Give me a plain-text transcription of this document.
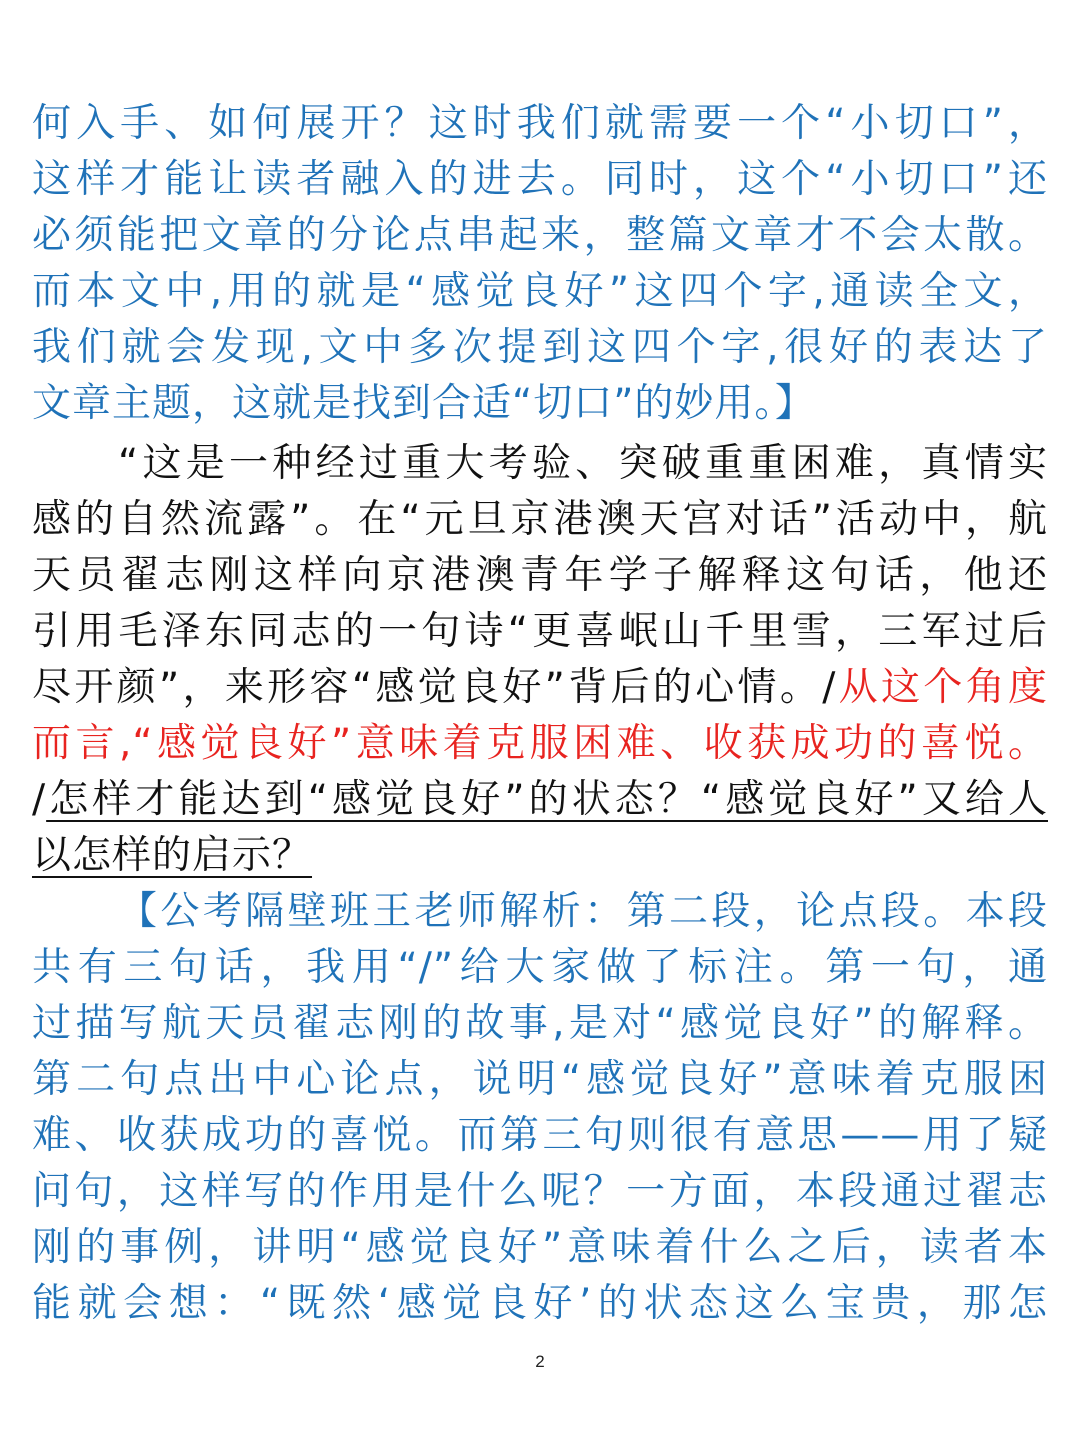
何入手、如何展开？这时我们就需要一个“小切口”，
这样才能让读者融入的进去。同时，这个“小切口”还
必须能把文章的分论点串起来，整篇文章才不会太散。
而本文中,用的就是“感觉良好”这四个字,通读全文，
我们就会发现,文中多次提到这四个字,很好的表达了
文章主题，这就是找到合适“切口”的妙用。】
“这是一种经过重大考验、突破重重困难，真情实
感的自然流露”。在“元旦京港澳天宫对话”活动中，航
天员翟志刚这样向京港澳青年学子解释这句话，他还
引用毛泽东同志的一句诗“更喜岷山千里雪，三军过后
尽开颜”，来形容“感觉良好”背后的心情。/从这个角度
而言,“感觉良好”意味着克服困难、收获成功的喜悦。
/怎样才能达到“感觉良好”的状态？“感觉良好”又给人
以怎样的启示？
【公考隔壁班王老师解析：第二段，论点段。本段
共有三句话，我用“/”给大家做了标注。第一句，通
过描写航天员翟志刚的故事,是对“感觉良好”的解释。
第二句点出中心论点，说明“感觉良好”意味着克服困
难、收获成功的喜悦。而第三句则很有意思——用了疑
问句，这样写的作用是什么呢？一方面，本段通过翟志
刚的事例，讲明“感觉良好”意味着什么之后，读者本
能就会想：“既然‘感觉良好’的状态这么宝贵，那怎
2
